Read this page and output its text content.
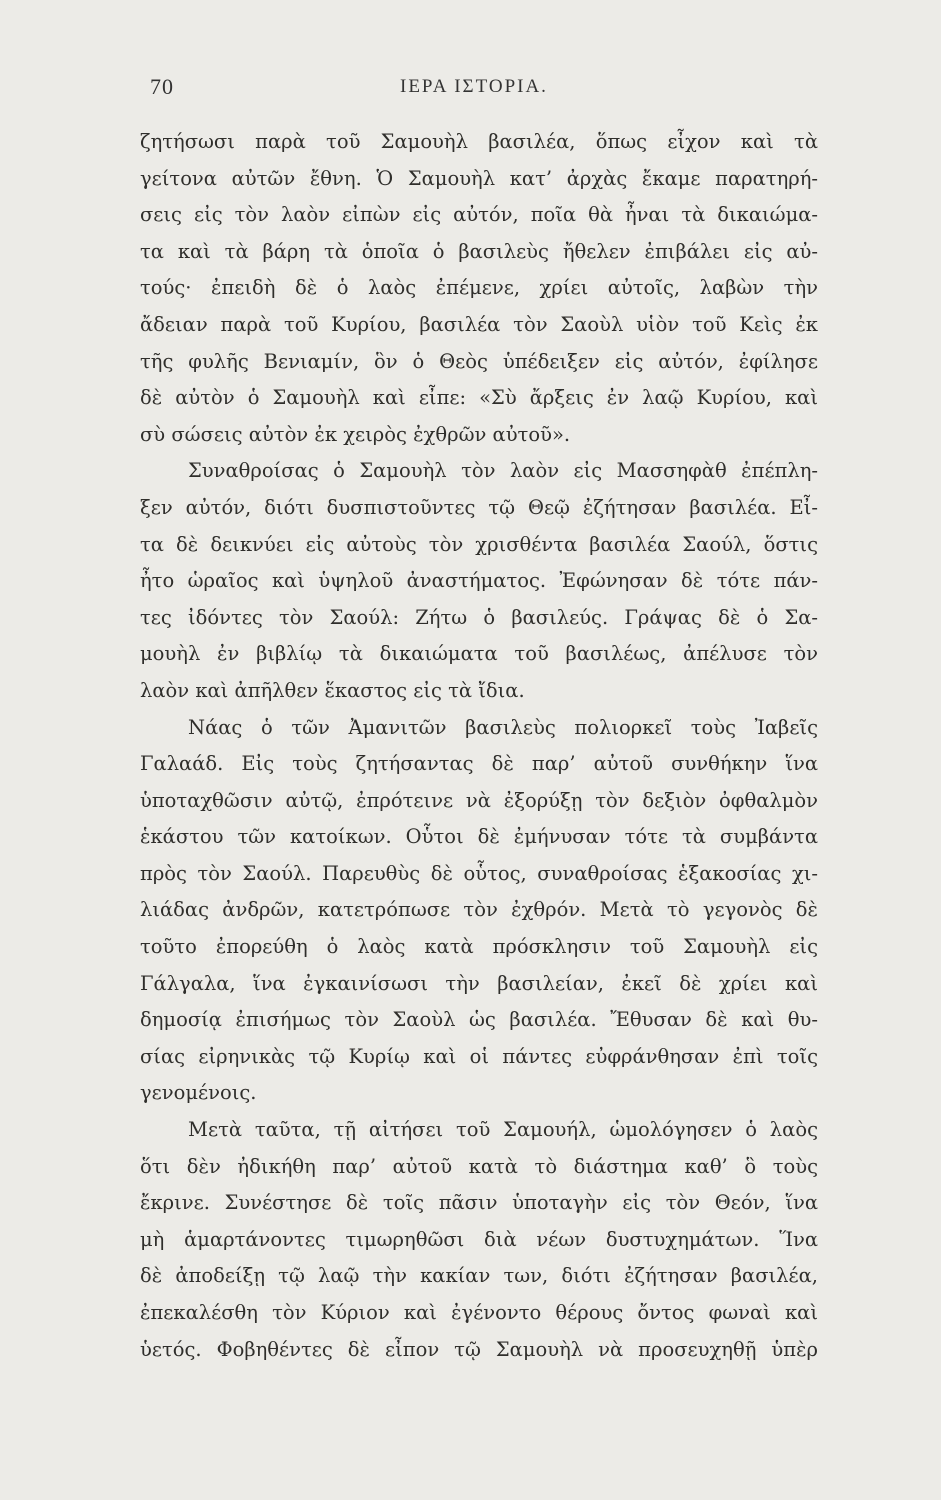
70	ΙΕΡΑ ΙΣΤΟΡΙΑ.
ζητήσωσι παρὰ τοῦ Σαμουὴλ βασιλέα, ὅπως εἶχον καὶ τὰ
γείτονα αὐτῶν ἔθνη. Ὁ Σαμουὴλ κατ’ ἀρχὰς ἔκαμε παρατηρή-
σεις εἰς τὸν λαὸν εἰπὼν εἰς αὐτόν, ποῖα θὰ ἦναι τὰ δικαιώμα-
τα καὶ τὰ βάρη τὰ ὁποῖα ὁ βασιλεὺς ἤθελεν ἐπιβάλει εἰς αὐ-
τούς· ἐπειδὴ δὲ ὁ λαὸς ἐπέμενε, χρίει αὐτοῖς, λαβὼν τὴν
ἄδειαν παρὰ τοῦ Κυρίου, βασιλέα τὸν Σαοὺλ υἱὸν τοῦ Κεὶς ἐκ
τῆς φυλῆς Βενιαμίν, ὃν ὁ Θεὸς ὑπέδειξεν εἰς αὐτόν, ἐφίλησε
δὲ αὐτὸν ὁ Σαμουὴλ καὶ εἶπε: «Σὺ ἄρξεις ἐν λαῷ Κυρίου, καὶ
σὺ σώσεις αὐτὸν ἐκ χειρὸς ἐχθρῶν αὐτοῦ».
Συναθροίσας ὁ Σαμουὴλ τὸν λαὸν εἰς Μασσηφὰθ ἐπέπλη-
ξεν αὐτόν, διότι δυσπιστοῦντες τῷ Θεῷ ἐζήτησαν βασιλέα. Εἶ-
τα δὲ δεικνύει εἰς αὐτοὺς τὸν χρισθέντα βασιλέα Σαούλ, ὅστις
ἦτο ὡραῖος καὶ ὑψηλοῦ ἀναστήματος. Ἐφώνησαν δὲ τότε πάν-
τες ἰδόντες τὸν Σαούλ: Ζήτω ὁ βασιλεύς. Γράψας δὲ ὁ Σα-
μουὴλ ἐν βιβλίῳ τὰ δικαιώματα τοῦ βασιλέως, ἀπέλυσε τὸν
λαὸν καὶ ἀπῆλθεν ἕκαστος εἰς τὰ ἴδια.
Νάας ὁ τῶν Ἀμανιτῶν βασιλεὺς πολιορκεῖ τοὺς Ἰαβεῖς
Γαλαάδ. Εἰς τοὺς ζητήσαντας δὲ παρ’ αὐτοῦ συνθήκην ἵνα
ὑποταχθῶσιν αὐτῷ, ἐπρότεινε νὰ ἐξορύξῃ τὸν δεξιὸν ὀφθαλμὸν
ἑκάστου τῶν κατοίκων. Οὗτοι δὲ ἐμήνυσαν τότε τὰ συμβάντα
πρὸς τὸν Σαούλ. Παρευθὺς δὲ οὗτος, συναθροίσας ἑξακοσίας χι-
λιάδας ἀνδρῶν, κατετρόπωσε τὸν ἐχθρόν. Μετὰ τὸ γεγονὸς δὲ
τοῦτο ἐπορεύθη ὁ λαὸς κατὰ πρόσκλησιν τοῦ Σαμουὴλ εἰς
Γάλγαλα, ἵνα ἐγκαινίσωσι τὴν βασιλείαν, ἐκεῖ δὲ χρίει καὶ
δημοσίᾳ ἐπισήμως τὸν Σαοὺλ ὡς βασιλέα. Ἔθυσαν δὲ καὶ θυ-
σίας εἰρηνικὰς τῷ Κυρίῳ καὶ οἱ πάντες εὐφράνθησαν ἐπὶ τοῖς
γενομένοις.
Μετὰ ταῦτα, τῇ αἰτήσει τοῦ Σαμουήλ, ὡμολόγησεν ὁ λαὸς
ὅτι δὲν ἠδικήθη παρ’ αὐτοῦ κατὰ τὸ διάστημα καθ’ ὃ τοὺς
ἔκρινε. Συνέστησε δὲ τοῖς πᾶσιν ὑποταγὴν εἰς τὸν Θεόν, ἵνα
μὴ ἁμαρτάνοντες τιμωρηθῶσι διὰ νέων δυστυχημάτων. Ἵνα
δὲ ἀποδείξῃ τῷ λαῷ τὴν κακίαν των, διότι ἐζήτησαν βασιλέα,
ἐπεκαλέσθη τὸν Κύριον καὶ ἐγένοντο θέρους ὄντος φωναὶ καὶ
ὑετός. Φοβηθέντες δὲ εἶπον τῷ Σαμουὴλ νὰ προσευχηθῇ ὑπὲρ
